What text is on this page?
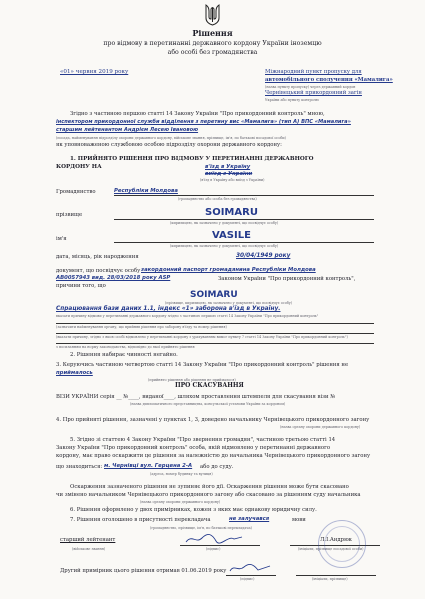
Рішення
про відмову в перетинанні державного кордону України іноземцю
або особі без громадянства
«01» червня 2019 року	Міжнародний пункт пропуску для
автомобільного сполучення «Мамалига»
(назва пункту пропуску) через державний кордон
Чернівецький прикордонний загін
України або пункту контролю
Згідно з частиною першою статті 14 Закону України "Про прикордонний контроль" мною,
інспектором прикордонної служби відділення з перетину вис «Мамалига» (тип А) ВПС «Мамалига»
старшим лейтенантом Андрієм Лесею Івановою
(посада, найменування підрозділу охорони державного кордону, військове звання, прізвище, ім'я, по батькові посадової особи)
як уповноваженою службовою особою підрозділу охорони державного кордону:
1. ПРИЙНЯТО РІШЕННЯ ПРО ВІДМОВУ У ПЕРЕТИНАННІ ДЕРЖАВНОГО
КОРДОНУ НА	в'їзд в Україну
виїзд з України
(в'їзд в Україну або виїзд з України)
Громадянство	Республіки Молдова
(громадянство або особа без громадянства)
прізвище	SOIMARU
(кирилицею, як зазначено у документі, що посвідчує особу)
ім'я	VASILE
(кирилицею, як зазначено у документі, що посвідчує особу)
дата, місяць, рік народження	30/04/1949 року
документ, що посвідчує особу закордонний паспорт громадянина Республіки Молдова
AB0057943 вид. 28/03/2018 року ASP	Законом України "Про прикордонний контроль",
причини того, що
SOIMARU
(прізвище, кирилицею, як зазначено у документі, що посвідчує особу)
Спрацювання бази даних 1.1, індекс «1» заборона в'їзд в Україну.
вказати причину відмови у перетинанні державного кордону згідно з частиною першою статті 14 Закону України "Про прикордонний контроль"
(зазначити найменування органу, що прийняв рішення про заборону в'їзду та номер рішення)
(вказати причину, згідно з якою особі відмовлено у перетинанні кордону з урахуванням вимог пункту 7 статті 14 Закону України "Про прикордонний контроль")
з посиланням на норму законодавства, відповідно до якої прийнято рішення
2. Рішення набирає чинності негайно.
3. Керуючись частиною четвертою статті 14 Закону України "Про прикордонний контроль" рішення не
приймалось
(прийнято рішення або рішення не приймалося)
ПРО СКАСУВАННЯ
ВІЗИ УКРАЇНИ серія __ №____, виданої____, шляхом проставлення штемпеля для скасування візи №
(назва дипломатичного представництва, консульської установи України за кордоном)
4. Про прийняті рішення, зазначені у пунктах 1, 3, доведено начальнику Чернівецького прикордонного загону
(назва органу охорони державного кордону)
5. Згідно зі статтею 4 Закону України "Про звернення громадян", частиною третьою статті 14
Закону України "Про прикордонний контроль" особа, якій відмовлено у перетинанні державного
кордону, має право оскаржити це рішення за належністю до начальника Чернівецького прикордонного загону
що знаходиться: м. Чернівці вул. Герцена 2-А або до суду.
(адреса, номер будинку та вулиця)
Оскарження зазначеного рішення не зупиняє його дії. Оскарження рішення може бути скасовано
чи змінено начальником Чернівецького прикордонного загону або скасовано за рішенням суду начальника
(назва органу охорони державного кордону)
6. Рішення оформлено у двох примірниках, кожен з яких має однакову юридичну силу.
7. Рішення оголошено в присутності перекладача	не залучався	мови
(громадянство, прізвище, ім'я, по батькові перекладача)
старший лейтенант	Л.І.Андрюк
(військове звання)	(підпис)	(ініціали, прізвище посадової особи)
Другий примірник цього рішення отримав 01.06.2019 року
(підпис)	(ініціали, прізвище)
